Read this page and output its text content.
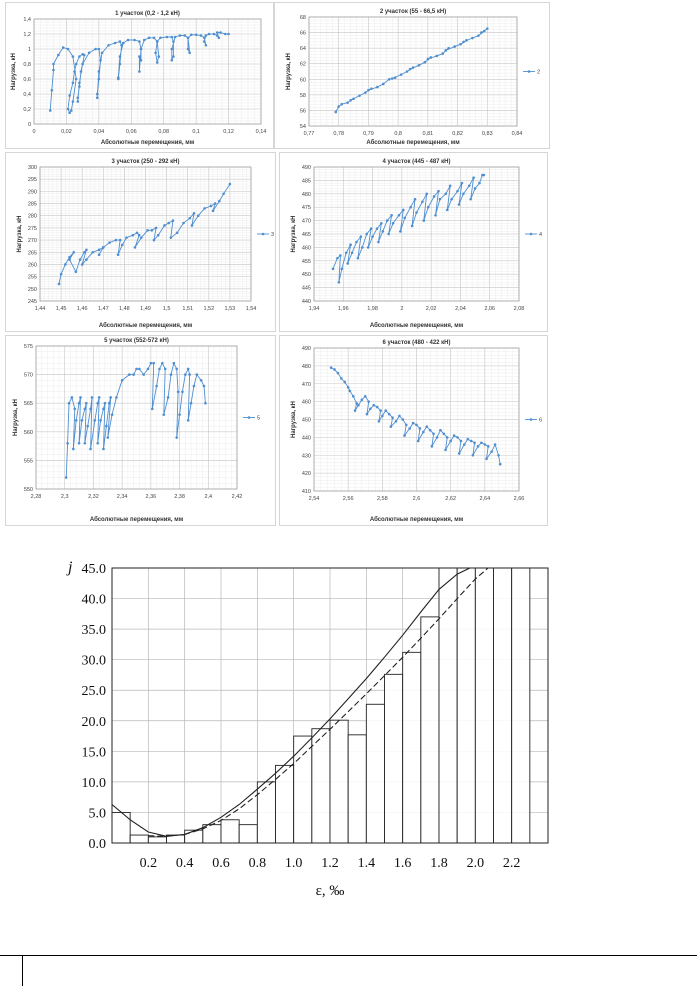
0	0,02	0,04	0,06	0,08	0,1	0,12	0,14
0
0,2
0,4
0,6
0,8
1
1,2
1,4
1 участок (0,2 - 1,2 кН)
Абсолютные перемещения, мм
Нагрузка, кН
0,77	0,78	0,79	0,8	0,81	0,82	0,83	0,84
54
56
58
60
62
64
66
68
2 участок (55 - 66,5 кН)
Абсолютные перемещения, мм
Нагрузка, кН	2
1,44 1,45 1,46 1,47 1,48 1,49 1,5 1,51 1,52 1,53 1,54
245
250
255
260
265
270
275
280
285
290
295
300
3 участок (250 - 292 кН)
Абсолютные перемещения, мм
Нагрузка, кН	3
1,94	1,96	1,98	2	2,02	2,04	2,06	2,08
440
445
450
455
460
465
470
475
480
485
490
4 участок (445 - 487 кН)
Абсолютные перемещения, мм
Нагрузка, кН	4
2,28	2,3	2,32	2,34	2,36	2,38	2,4	2,42
550
555
560
565
570
575
5 участок (552-572 кН)
Абсолютные перемещения, мм
Нагрузка, кН	5
2,54	2,56	2,58	2,6	2,62	2,64	2,66
410
420
430
440
450
460
470
480
490
6 участок (480 - 422 кН)
Абсолютные перемещения, мм
Нагрузка, кН	6
0.0
5.0
10.0
15.0
20.0
25.0
30.0
35.0
40.0
45.0
0.2 0.4 0.6 0.8 1.0 1.2 1.4 1.6 1.8 2.0 2.2
j
ε, ‰
